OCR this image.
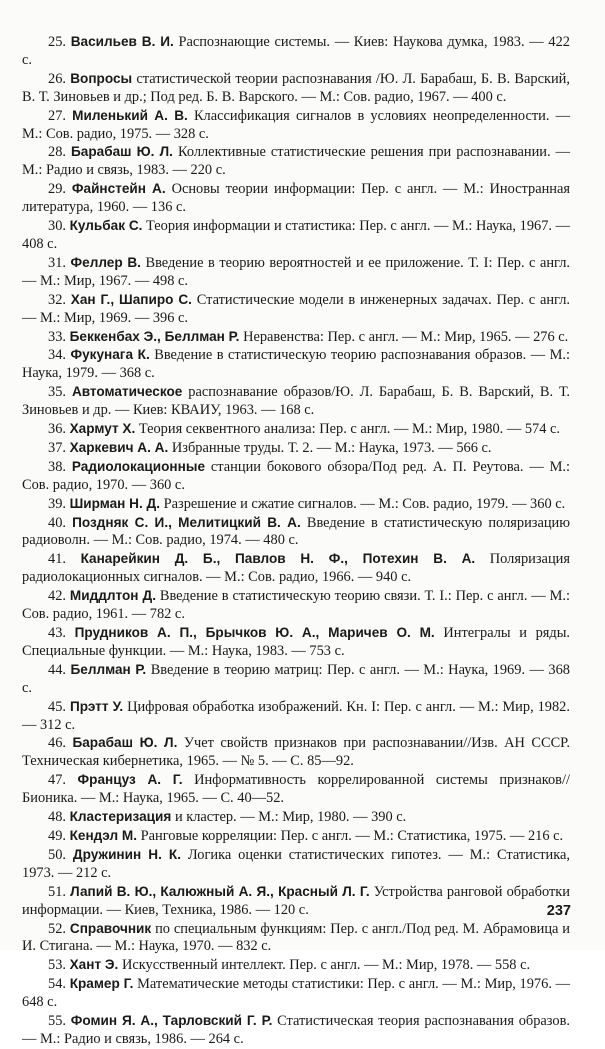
25. Васильев В. И. Распознающие системы. — Киев: Наукова думка, 1983. — 422 с.

26. Вопросы статистической теории распознавания /Ю. Л. Барабаш, Б. В. Варский, В. Т. Зиновьев и др.; Под ред. Б. В. Варского. — М.: Сов. радио, 1967. — 400 с.

27. Миленький А. В. Классификация сигналов в условиях неопределенности. — М.: Сов. радио, 1975. — 328 с.

28. Барабаш Ю. Л. Коллективные статистические решения при распознавании. — М.: Радио и связь, 1983. — 220 с.

29. Файнстейн А. Основы теории информации: Пер. с англ. — М.: Иностранная литература, 1960. — 136 с.

30. Кульбак С. Теория информации и статистика: Пер. с англ. — М.: Наука, 1967. — 408 с.

31. Феллер В. Введение в теорию вероятностей и ее приложение. Т. I: Пер. с англ. — М.: Мир, 1967. — 498 с.

32. Хан Г., Шапиро С. Статистические модели в инженерных задачах. Пер. с англ. — М.: Мир, 1969. — 396 с.

33. Беккенбах Э., Беллман Р. Неравенства: Пер. с англ. — М.: Мир, 1965. — 276 с.

34. Фукунага К. Введение в статистическую теорию распознавания образов. — М.: Наука, 1979. — 368 с.

35. Автоматическое распознавание образов/Ю. Л. Барабаш, Б. В. Варский, В. Т. Зиновьев и др. — Киев: КВАИУ, 1963. — 168 с.

36. Хармут Х. Теория секвентного анализа: Пер. с англ. — М.: Мир, 1980. — 574 с.

37. Харкевич А. А. Избранные труды. Т. 2. — М.: Наука, 1973. — 566 с.

38. Радиолокационные станции бокового обзора/Под ред. А. П. Реутова. — М.: Сов. радио, 1970. — 360 с.

39. Ширман Н. Д. Разрешение и сжатие сигналов. — М.: Сов. радио, 1979. — 360 с.

40. Поздняк С. И., Мелитицкий В. А. Введение в статистическую поляризацию радиоволн. — М.: Сов. радио, 1974. — 480 с.

41. Канарейкин Д. Б., Павлов Н. Ф., Потехин В. А. Поляризация радиолокационных сигналов. — М.: Сов. радио, 1966. — 940 с.

42. Миддлтон Д. Введение в статистическую теорию связи. Т. I.: Пер. с англ. — М.: Сов. радио, 1961. — 782 с.

43. Прудников А. П., Брычков Ю. А., Маричев О. М. Интегралы и ряды. Специальные функции. — М.: Наука, 1983. — 753 с.

44. Беллман Р. Введение в теорию матриц: Пер. с англ. — М.: Наука, 1969. — 368 с.

45. Прэтт У. Цифровая обработка изображений. Кн. I: Пер. с англ. — М.: Мир, 1982. — 312 с.

46. Барабаш Ю. Л. Учет свойств признаков при распознавании//Изв. АН СССР. Техническая кибернетика, 1965. — № 5. — С. 85—92.

47. Француз А. Г. Информативность коррелированной системы признаков// Бионика. — М.: Наука, 1965. — С. 40—52.

48. Кластеризация и кластер. — М.: Мир, 1980. — 390 с.

49. Кендэл М. Ранговые корреляции: Пер. с англ. — М.: Статистика, 1975. — 216 с.

50. Дружинин Н. К. Логика оценки статистических гипотез. — М.: Статистика, 1973. — 212 с.

51. Лапий В. Ю., Калюжный А. Я., Красный Л. Г. Устройства ранговой обработки информации. — Киев, Техника, 1986. — 120 с.

52. Справочник по специальным функциям: Пер. с англ./Под ред. М. Абрамовица и И. Стигана. — М.: Наука, 1970. — 832 с.

53. Хант Э. Искусственный интеллект. Пер. с англ. — М.: Мир, 1978. — 558 с.

54. Крамер Г. Математические методы статистики: Пер. с англ. — М.: Мир, 1976. — 648 с.

55. Фомин Я. А., Тарловский Г. Р. Статистическая теория распознавания образов. — М.: Радио и связь, 1986. — 264 с.

237
